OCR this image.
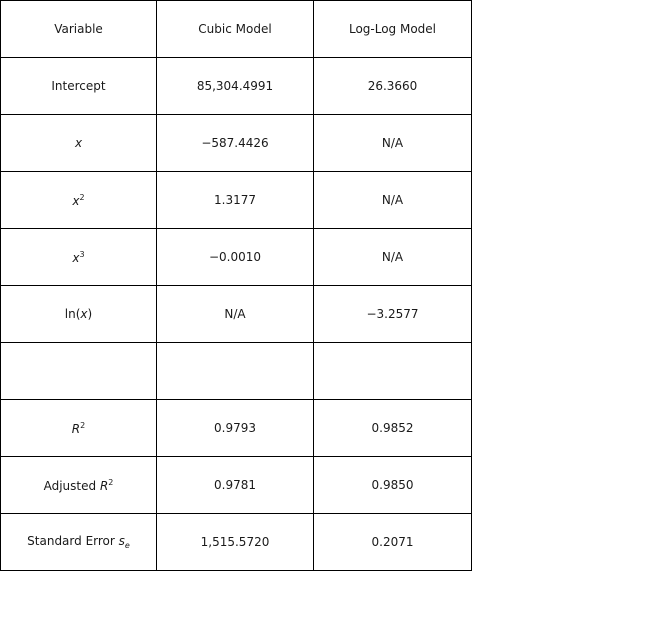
Variable	Cubic Model	Log-Log Model
Intercept	85,304.4991	26.3660
x	−587.4426	N/A
$x^2$	1.3177	N/A
$x^3$	−0.0010	N/A
ln(x)	N/A	−3.2577

$R^2$	0.9793	0.9852
Adjusted $R^2$	0.9781	0.9850
Standard Error $s_e$	1,515.5720	0.2071
